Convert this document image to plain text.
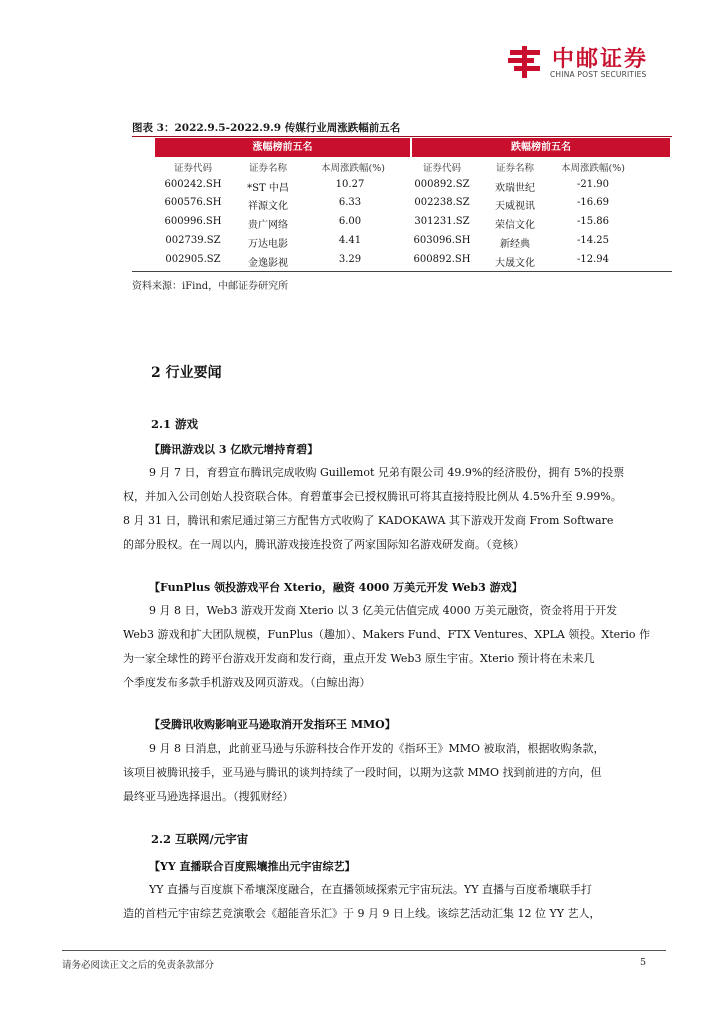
中邮证券
CHINA POST SECURITIES
图表 3：2022.9.5-2022.9.9 传媒行业周涨跌幅前五名
涨幅榜前五名	跌幅榜前五名
证券代码	证券名称	本周涨跌幅(%)	证券代码	证券名称	本周涨跌幅(%)
600242.SH	*ST 中昌	10.27	000892.SZ	欢瑞世纪	-21.90
600576.SH	祥源文化	6.33	002238.SZ	天威视讯	-16.69
600996.SH	贵广网络	6.00	301231.SZ	荣信文化	-15.86
002739.SZ	万达电影	4.41	603096.SH	新经典	-14.25
002905.SZ	金逸影视	3.29	600892.SH 大晟文化	-12.94
资料来源：iFind，中邮证券研究所
2 行业要闻
2.1 游戏
【腾讯游戏以 3 亿欧元增持育碧】
9 月 7 日，育碧宣布腾讯完成收购 Guillemot 兄弟有限公司 49.9%的经济股份，拥有 5%的投票
权，并加入公司创始人投资联合体。育碧董事会已授权腾讯可将其直接持股比例从 4.5%升至 9.99%。
8 月 31 日，腾讯和索尼通过第三方配售方式收购了 KADOKAWA 其下游戏开发商 From Software
的部分股权。在一周以内，腾讯游戏接连投资了两家国际知名游戏研发商。（竞核）
【FunPlus 领投游戏平台 Xterio，融资 4000 万美元开发 Web3 游戏】
9 月 8 日，Web3 游戏开发商 Xterio 以 3 亿美元估值完成 4000 万美元融资，资金将用于开发
Web3 游戏和扩大团队规模，FunPlus（趣加）、Makers Fund、FTX Ventures、XPLA 领投。Xterio 作
为一家全球性的跨平台游戏开发商和发行商，重点开发 Web3 原生宇宙。Xterio 预计将在未来几
个季度发布多款手机游戏及网页游戏。（白鲸出海）
【受腾讯收购影响亚马逊取消开发指环王 MMO】
9 月 8 日消息，此前亚马逊与乐游科技合作开发的《指环王》MMO 被取消，根据收购条款，
该项目被腾讯接手，亚马逊与腾讯的谈判持续了一段时间，以期为这款 MMO 找到前进的方向，但
最终亚马逊选择退出。（搜狐财经）
2.2 互联网/元宇宙
【YY 直播联合百度熙壤推出元宇宙综艺】
YY 直播与百度旗下希壤深度融合，在直播领域探索元宇宙玩法。YY 直播与百度希壤联手打
造的首档元宇宙综艺竞演歌会《超能音乐汇》于 9 月 9 日上线。该综艺活动汇集 12 位 YY 艺人，
请务必阅读正文之后的免责条款部分	5
